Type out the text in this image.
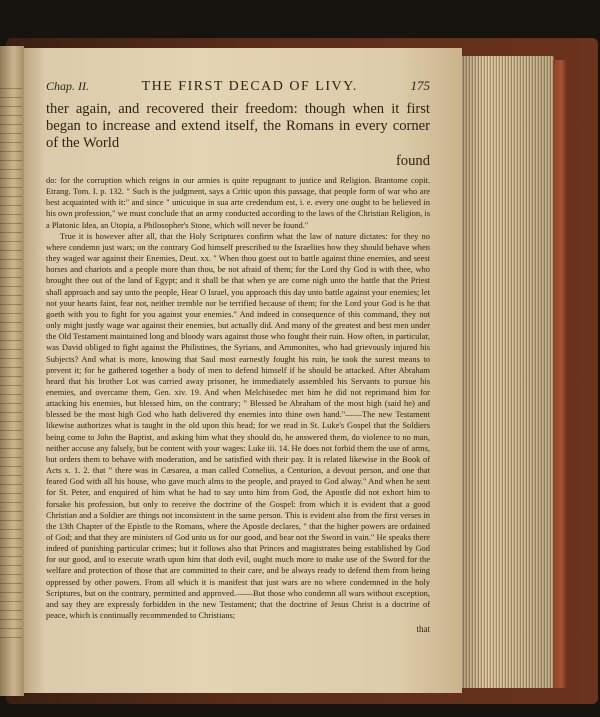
Chap. II.	THE FIRST DECAD OF LIVY.	175
ther again, and recovered their freedom: though when it first began to increase and extend itself, the Romans in every corner of the World
found

do: for the corruption which reigns in our armies is quite repugnant to justice and Religion. Brantome copit. Etrang. Tom. I. p. 132. " Such is the judgment, says a Critic upon this passage, that people form of war who are best acquainted with it:" and since " unicuique in sua arte credendum est, i. e. every one ought to be believed in his own profession," we must conclude that an army conducted according to the laws of the Christian Religion, is a Platonic Idea, an Utopia, a Philosopher's Stone, which will never be found."

True it is however after all, that the Holy Scriptures confirm what the law of nature dictates: for they no where condemn just wars; on the contrary God himself prescribed to the Israelites how they should behave when they waged war against their Enemies, Deut. xx. " When thou goest out to battle against thine enemies, and seest horses and chariots and a people more than thou, be not afraid of them; for the Lord thy God is with thee, who brought thee out of the land of Egypt; and it shall be that when ye are come nigh unto the battle that the Priest shall approach and say unto the people, Hear O Israel, you approach this day unto battle against your enemies; let not your hearts faint, fear not, neither tremble nor be terrified because of them; for the Lord your God is he that goeth with you to fight for you against your enemies." And indeed in consequence of this command, they not only might justly wage war against their enemies, but actually did. And many of the greatest and best men under the Old Testament maintained long and bloody wars against those who fought their ruin. How often, in particular, was David obliged to fight against the Philistines, the Syrians, and Ammonites, who had grievously injured his Subjects? And what is more, knowing that Saul most earnestly fought his ruin, he took the surest means to prevent it; for he gathered together a body of men to defend himself if he should be attacked. After Abraham heard that his brother Lot was carried away prisoner, he immediately assembled his Servants to pursue his enemies, and overcame them, Gen. xiv. 19. And when Melchisedec met him he did not reprimand him for attacking his enemies, but blessed him, on the contrary; " Blessed be Abraham of the most high (said he) and blessed be the most high God who hath delivered thy enemies into thine own hand."——The new Testament likewise authorizes what is taught in the old upon this head; for we read in St. Luke's Gospel that the Soldiers being come to John the Baptist, and asking him what they should do, he answered them, do violence to no man, neither accuse any falsely, but be content with your wages: Luke iii. 14. He does not forbid them the use of arms, but orders them to behave with moderation, and be satisfied with their pay. It is related likewise in the Book of Acts x. 1. 2. that " there was in Cæsarea, a man called Cornelius, a Centurion, a devout person, and one that feared God with all his house, who gave much alms to the people, and prayed to God alway." And when he sent for St. Peter, and enquired of him what he had to say unto him from God, the Apostle did not exhort him to forsake his profession, but only to receive the doctrine of the Gospel: from which it is evident that a good Christian and a Soldier are things not inconsistent in the same person. This is evident also from the first verses in the 13th Chapter of the Epistle to the Romans, where the Apostle declares, " that the higher powers are ordained of God; and that they are ministers of God unto us for our good, and bear not the Sword in vain." He speaks there indeed of punishing particular crimes; but it follows also that Princes and magistrates being established by God for our good, and to execute wrath upon him that doth evil, ought much more to make use of the Sword for the welfare and protection of those that are committed to their care, and be always ready to defend them from being oppressed by other powers. From all which it is manifest that just wars are no where condemned in the holy Scriptures, but on the contrary, permitted and approved.——But those who condemn all wars without exception, and say they are expressly forbidden in the new Testament; that the doctrine of Jesus Christ is a doctrine of peace, which is continually recommended to Christians;

that
